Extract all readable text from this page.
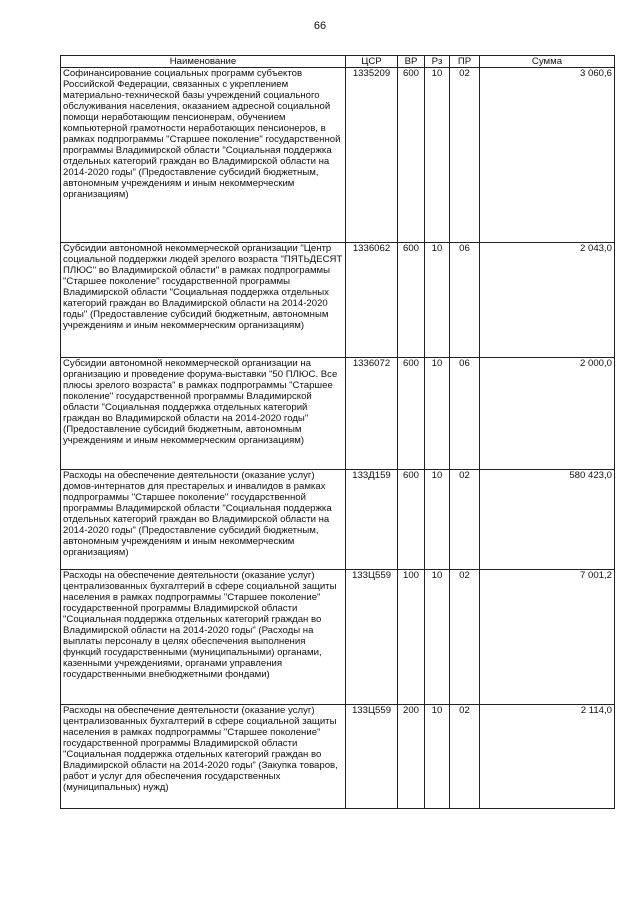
66
Наименование	ЦСР	ВР	Рз	ПР	Сумма
Софинансирование социальных программ субъектов Российской Федерации, связанных с укреплением материально-технической базы учреждений социального обслуживания населения, оказанием адресной социальной помощи неработающим пенсионерам, обучением компьютерной грамотности неработающих пенсионеров, в рамках подпрограммы "Старшее поколение" государственной программы Владимирской области "Социальная поддержка отдельных категорий граждан во Владимирской области на 2014-2020 годы" (Предоставление субсидий бюджетным, автономным учреждениям и иным некоммерческим организациям)	1335209	600	10	02	3 060,6
Субсидии автономной некоммерческой организации "Центр социальной поддержки людей зрелого возраста "ПЯТЬДЕСЯТ ПЛЮС" во Владимирской области" в рамках подпрограммы "Старшее поколение" государственной программы Владимирской области "Социальная поддержка отдельных категорий граждан во Владимирской области на 2014-2020 годы" (Предоставление субсидий бюджетным, автономным учреждениям и иным некоммерческим организациям)	1336062	600	10	06	2 043,0
Субсидии автономной некоммерческой организации на организацию и проведение форума-выставки "50 ПЛЮС. Все плюсы зрелого возраста" в рамках подпрограммы "Старшее поколение" государственной программы Владимирской области "Социальная поддержка отдельных категорий граждан во Владимирской области на 2014-2020 годы" (Предоставление субсидий бюджетным, автономным учреждениям и иным некоммерческим организациям)	1336072	600	10	06	2 000,0
Расходы на обеспечение деятельности (оказание услуг) домов-интернатов для престарелых и инвалидов в рамках подпрограммы "Старшее поколение" государственной программы Владимирской области "Социальная поддержка отдельных категорий граждан во Владимирской области на 2014-2020 годы" (Предоставление субсидий бюджетным, автономным учреждениям и иным некоммерческим организациям)	133Д159	600	10	02	580 423,0
Расходы на обеспечение деятельности (оказание услуг) централизованных бухгалтерий в сфере социальной защиты населения в рамках подпрограммы "Старшее поколение" государственной программы Владимирской области "Социальная поддержка отдельных категорий граждан во Владимирской области на 2014-2020 годы" (Расходы на выплаты персоналу в целях обеспечения выполнения функций государственными (муниципальными) органами, казенными учреждениями, органами управления государственными внебюджетными фондами)	133Ц559	100	10	02	7 001,2
Расходы на обеспечение деятельности (оказание услуг) централизованных бухгалтерий в сфере социальной защиты населения в рамках подпрограммы "Старшее поколение" государственной программы Владимирской области "Социальная поддержка отдельных категорий граждан во Владимирской области на 2014-2020 годы" (Закупка товаров, работ и услуг для обеспечения государственных (муниципальных) нужд)	133Ц559	200	10	02	2 114,0
